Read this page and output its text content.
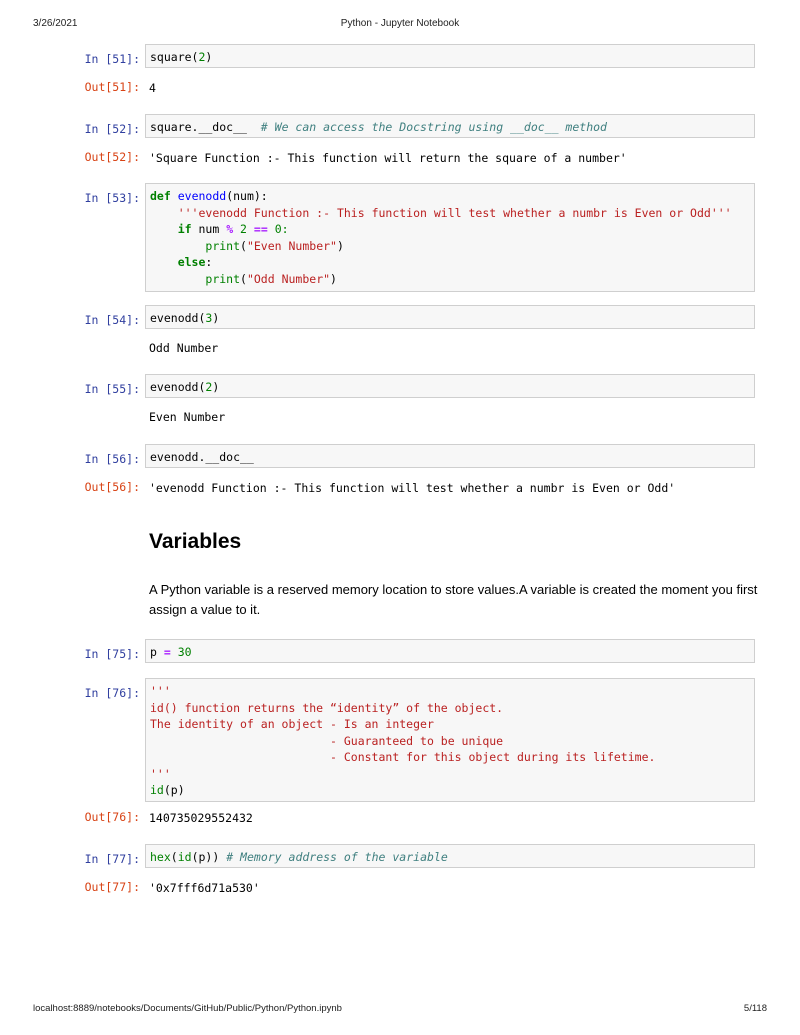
3/26/2021	Python - Jupyter Notebook
In [51]: square(2)
Out[51]: 4
In [52]: square.__doc__ # We can access the Docstring using __doc__ method
Out[52]: 'Square Function :- This function will return the square of a number'
In [53]: def evenodd(num):
'''evenodd Function :- This function will test whether a numbr is Even or Odd'''
if num % 2 == 0:
print("Even Number")
else:
print("Odd Number")
In [54]: evenodd(3)
Odd Number
In [55]: evenodd(2)
Even Number
In [56]: evenodd.__doc__
Out[56]: 'evenodd Function :- This function will test whether a numbr is Even or Odd'
Variables
A Python variable is a reserved memory location to store values.A variable is created the moment you first assign a value to it.
In [75]: p = 30
In [76]: '''
id() function returns the “identity” of the object.
The identity of an object - Is an integer
- Guaranteed to be unique
- Constant for this object during its lifetime.
'''
id(p)
Out[76]: 140735029552432
In [77]: hex(id(p)) # Memory address of the variable
Out[77]: '0x7fff6d71a530'
localhost:8889/notebooks/Documents/GitHub/Public/Python/Python.ipynb	5/118
